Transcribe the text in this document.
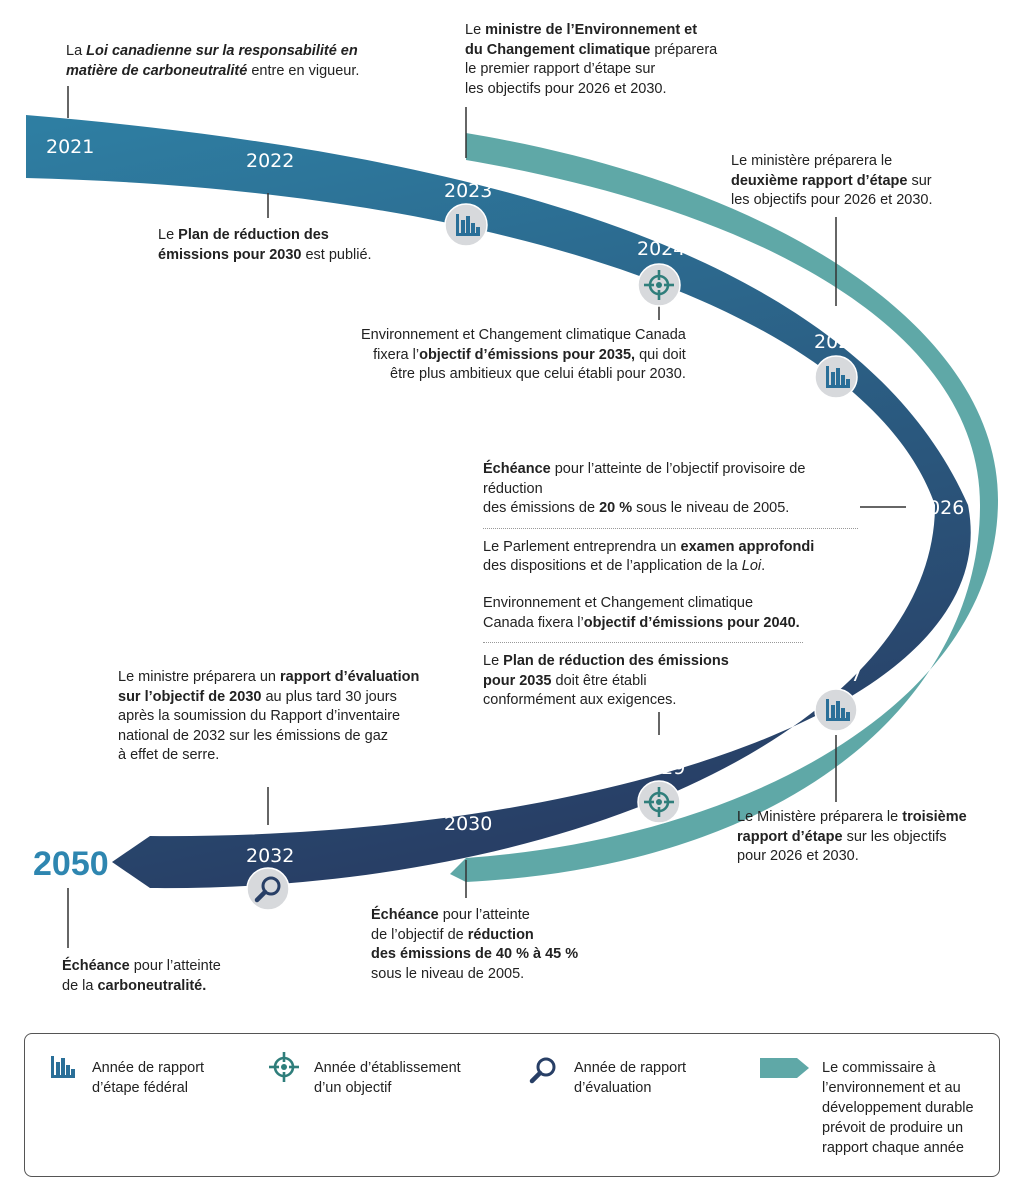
2021
2022
2023
2024
2025
2026
2027
2029
2030
2032
2050

La Loi canadienne sur la responsabilité en

matière de carboneutralité entre en vigueur.

Le Plan de réduction des

émissions pour 2030 est publié.

Le ministre de l’Environnement et

du Changement climatique préparera

le premier rapport d’étape sur

les objectifs pour 2026 et 2030.

Environnement et Changement climatique Canada

fixera l’objectif d’émissions pour 2035, qui doit

être plus ambitieux que celui établi pour 2030.

Le ministère préparera le

deuxième rapport d’étape sur

les objectifs pour 2026 et 2030.

Échéance pour l’atteinte de l’objectif provisoire de réduction

des émissions de 20 % sous le niveau de 2005.

Le Parlement entreprendra un examen approfondi

des dispositions et de l’application de la Loi.

Environnement et Changement climatique

Canada fixera l’objectif d’émissions pour 2040.

Le Plan de réduction des émissions

pour 2035 doit être établi

conformément aux exigences.

Le Ministère préparera le troisième

rapport d’étape sur les objectifs

pour 2026 et 2030.

Échéance pour l’atteinte

de l’objectif de réduction

des émissions de 40 % à 45 %

sous le niveau de 2005.

Le ministre préparera un rapport d’évaluation

sur l’objectif de 2030 au plus tard 30 jours

après la soumission du Rapport d’inventaire

national de 2032 sur les émissions de gaz

à effet de serre.

Échéance pour l’atteinte

de la carboneutralité.

Année de rapport

d’étape fédéral

Année d’établissement

d’un objectif

Année de rapport

d’évaluation

Le commissaire à

l’environnement et au

développement durable

prévoit de produire un

rapport chaque année
